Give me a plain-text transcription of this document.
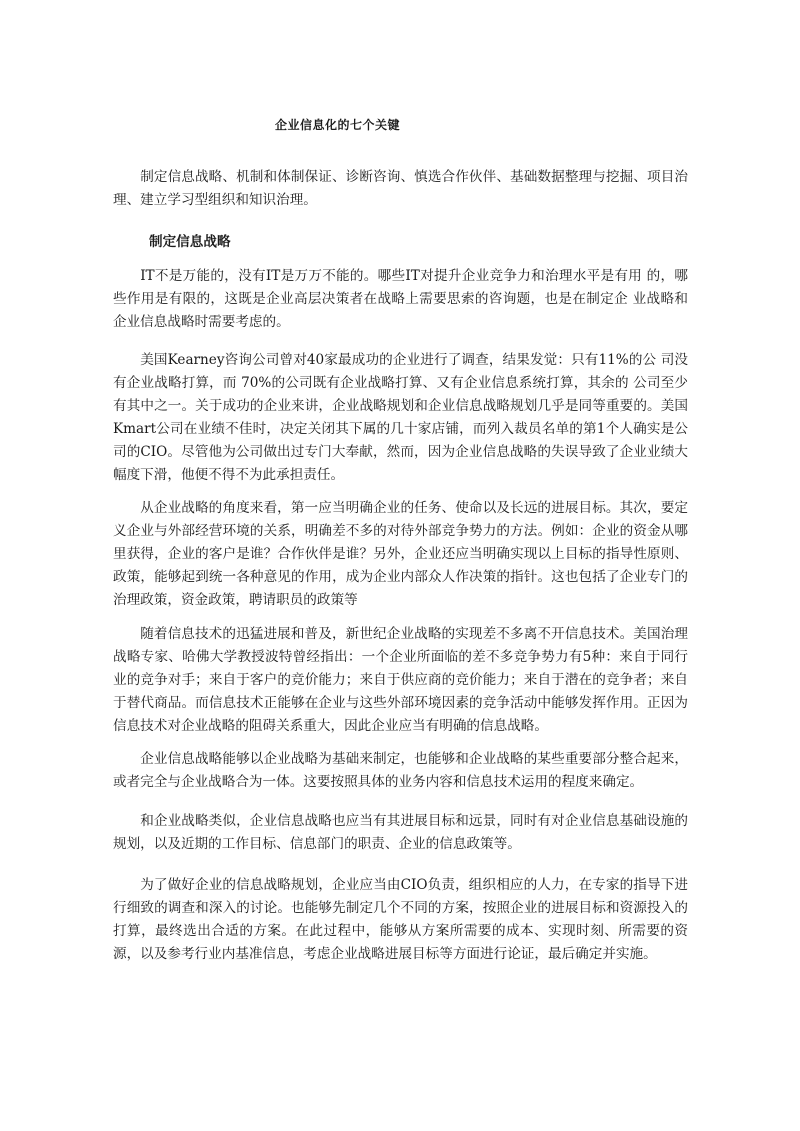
企业信息化的七个关键

制定信息战略、机制和体制保证、诊断咨询、慎选合作伙伴、基础数据整理与挖掘、项目治理、建立学习型组织和知识治理。

制定信息战略

IT不是万能的，没有IT是万万不能的。哪些IT对提升企业竞争力和治理水平是有用 的，哪些作用是有限的，这既是企业高层决策者在战略上需要思索的咨询题，也是在制定企 业战略和企业信息战略时需要考虑的。

美国Kearney咨询公司曾对40家最成功的企业进行了调查，结果发觉：只有11%的公 司没有企业战略打算，而 70%的公司既有企业战略打算、又有企业信息系统打算，其余的 公司至少有其中之一。关于成功的企业来讲，企业战略规划和企业信息战略规划几乎是同等重要的。美国Kmart公司在业绩不佳时，决定关闭其下属的几十家店铺，而列入裁员名单的第1个人确实是公司的CIO。尽管他为公司做出过专门大奉献，然而，因为企业信息战略的失误导致了企业业绩大幅度下滑，他便不得不为此承担责任。

从企业战略的角度来看，第一应当明确企业的任务、使命以及长远的进展目标。其次，要定义企业与外部经营环境的关系，明确差不多的对待外部竞争势力的方法。例如：企业的资金从哪里获得，企业的客户是谁？合作伙伴是谁？另外，企业还应当明确实现以上目标的指导性原则、政策，能够起到统一各种意见的作用，成为企业内部众人作决策的指针。这也包括了企业专门的治理政策，资金政策，聘请职员的政策等

随着信息技术的迅猛进展和普及，新世纪企业战略的实现差不多离不开信息技术。美国治理战略专家、哈佛大学教授波特曾经指出：一个企业所面临的差不多竞争势力有5种：来自于同行业的竞争对手；来自于客户的竞价能力；来自于供应商的竞价能力；来自于潜在的竞争者；来自于替代商品。而信息技术正能够在企业与这些外部环境因素的竞争活动中能够发挥作用。正因为信息技术对企业战略的阻碍关系重大，因此企业应当有明确的信息战略。

企业信息战略能够以企业战略为基础来制定，也能够和企业战略的某些重要部分整合起来，或者完全与企业战略合为一体。这要按照具体的业务内容和信息技术运用的程度来确定。

和企业战略类似，企业信息战略也应当有其进展目标和远景，同时有对企业信息基础设施的规划，以及近期的工作目标、信息部门的职责、企业的信息政策等。

为了做好企业的信息战略规划，企业应当由CIO负责，组织相应的人力，在专家的指导下进行细致的调查和深入的讨论。也能够先制定几个不同的方案，按照企业的进展目标和资源投入的打算，最终选出合适的方案。在此过程中，能够从方案所需要的成本、实现时刻、所需要的资源，以及参考行业内基准信息，考虑企业战略进展目标等方面进行论证，最后确定并实施。
